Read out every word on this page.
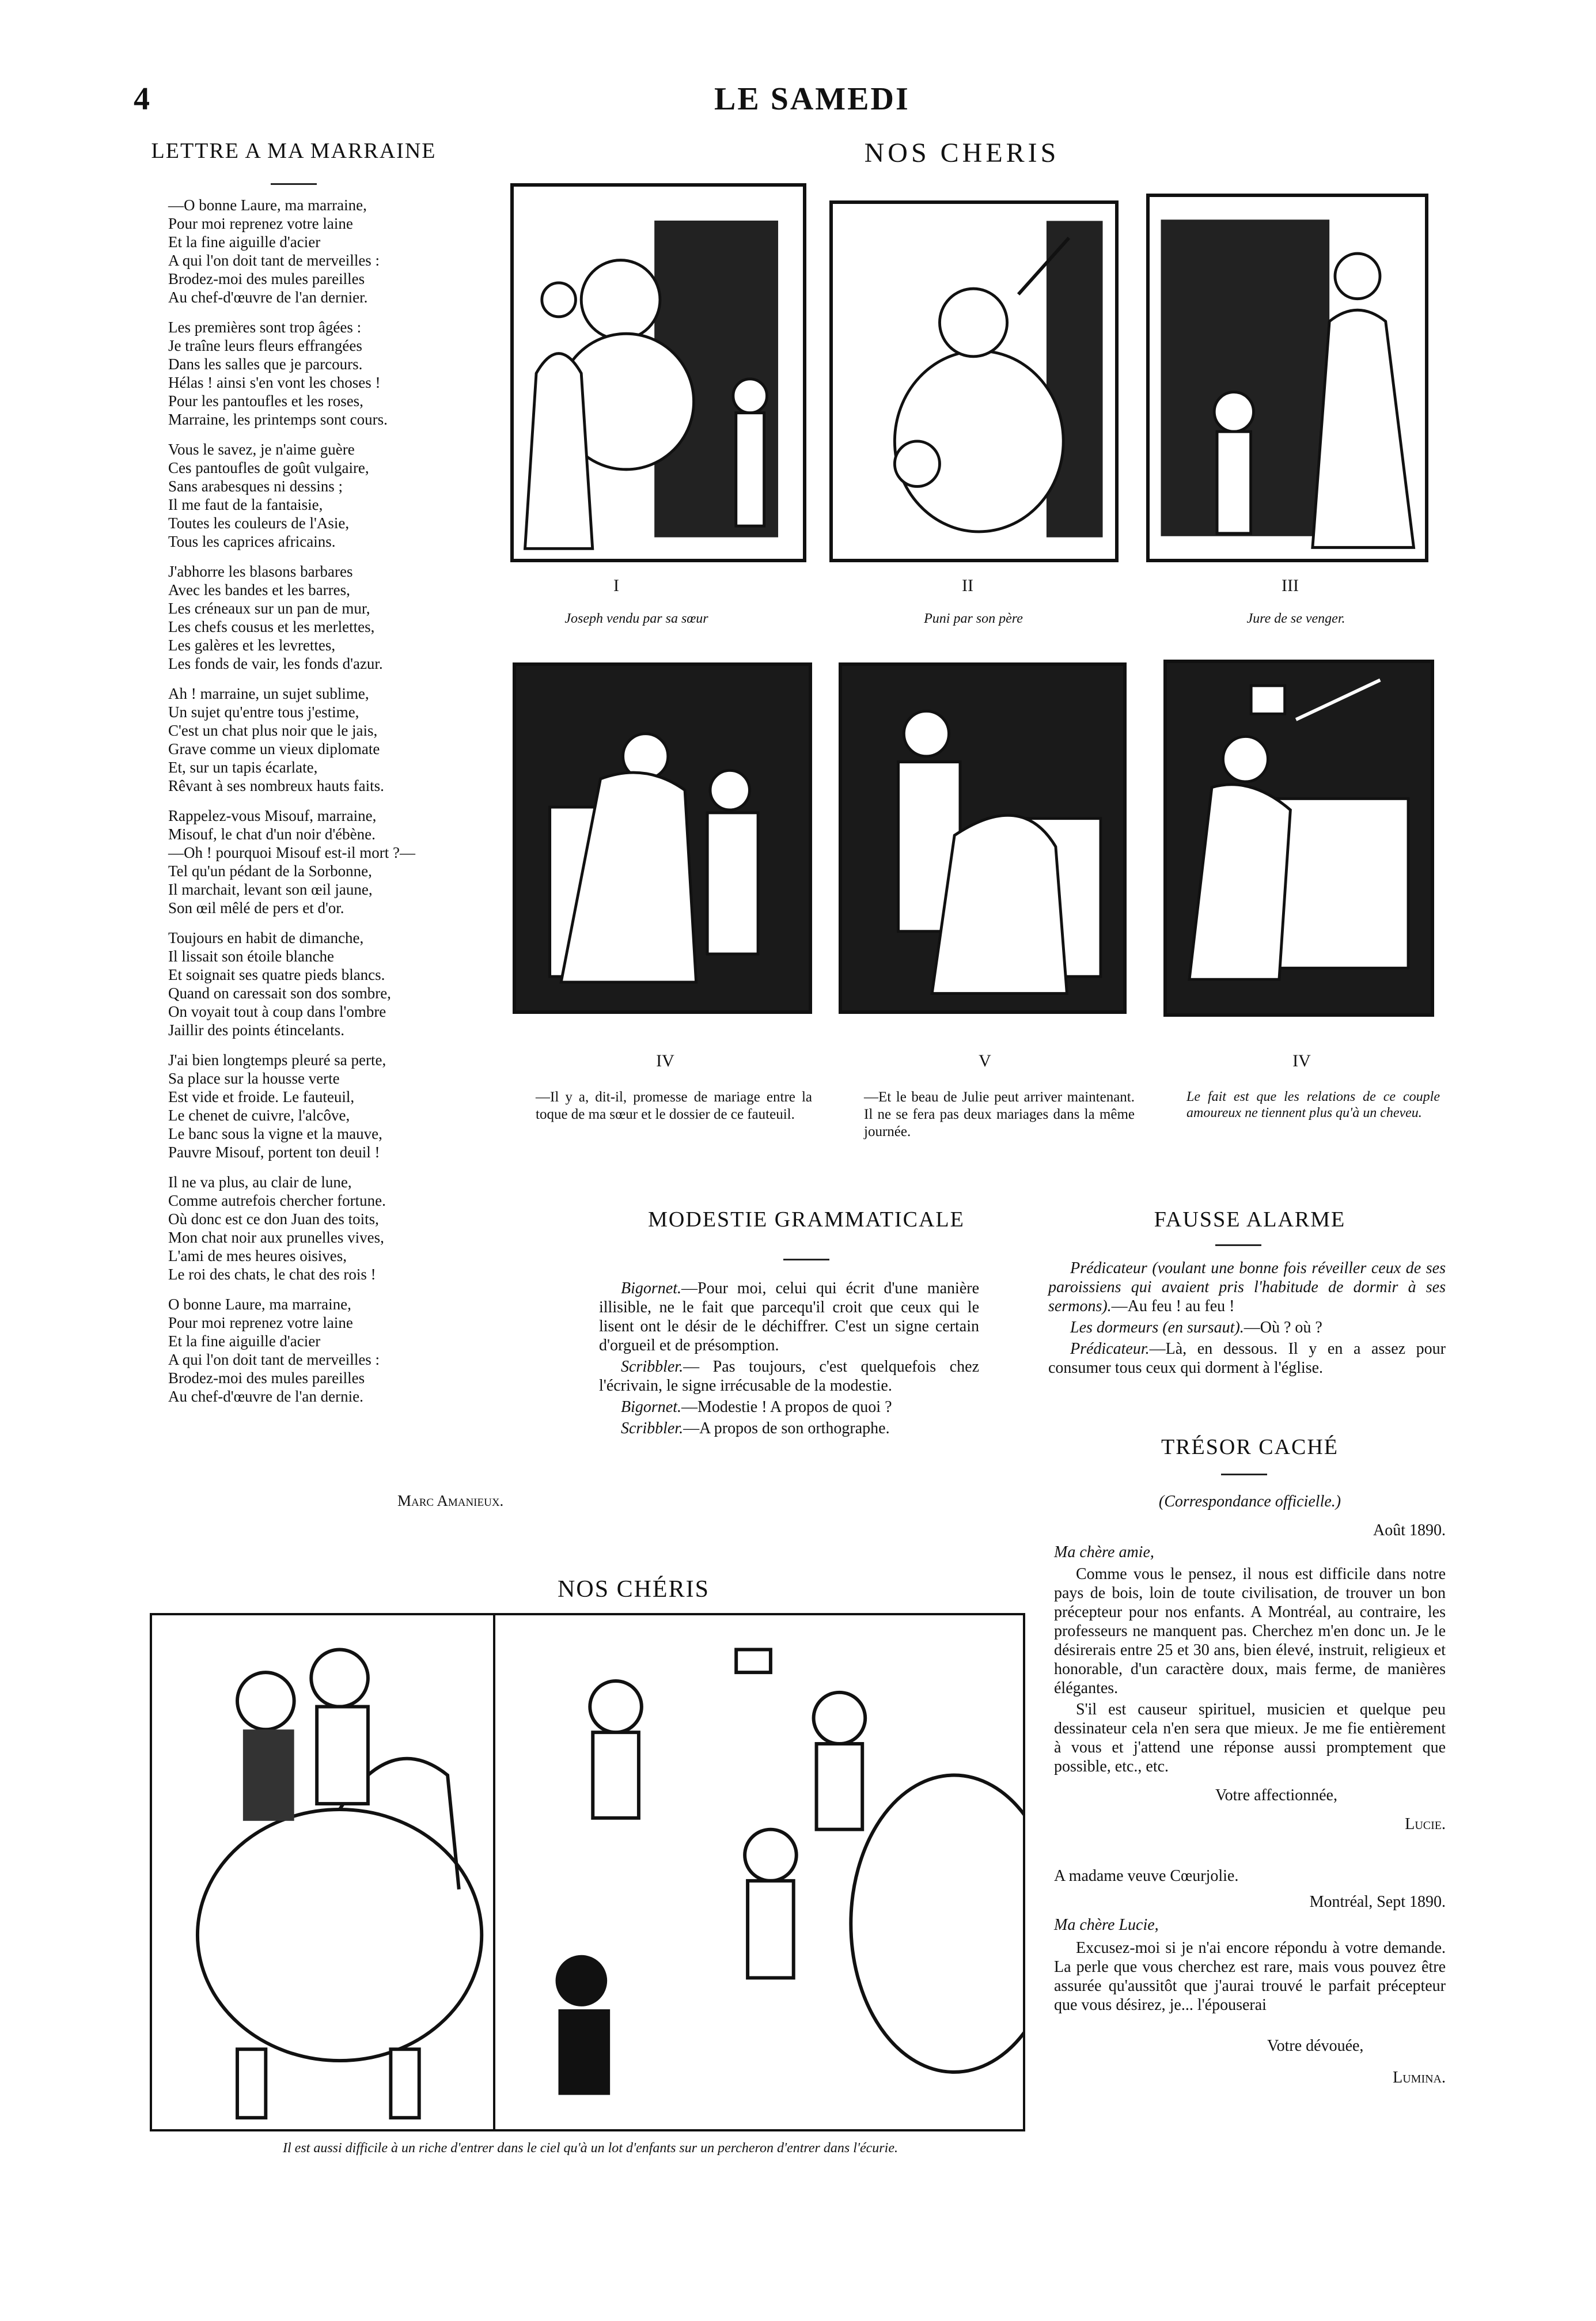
4	LE SAMEDI
LETTRE A MA MARRAINE
—O bonne Laure, ma marraine,
Pour moi reprenez votre laine
Et la fine aiguille d'acier
A qui l'on doit tant de merveilles :
Brodez-moi des mules pareilles
Au chef-d'œuvre de l'an dernier.
Les premières sont trop âgées :
Je traîne leurs fleurs effrangées
Dans les salles que je parcours.
Hélas ! ainsi s'en vont les choses !
Pour les pantoufles et les roses,
Marraine, les printemps sont cours.
Vous le savez, je n'aime guère
Ces pantoufles de goût vulgaire,
Sans arabesques ni dessins ;
Il me faut de la fantaisie,
Toutes les couleurs de l'Asie,
Tous les caprices africains.
J'abhorre les blasons barbares
Avec les bandes et les barres,
Les créneaux sur un pan de mur,
Les chefs cousus et les merlettes,
Les galères et les levrettes,
Les fonds de vair, les fonds d'azur.
Ah ! marraine, un sujet sublime,
Un sujet qu'entre tous j'estime,
C'est un chat plus noir que le jais,
Grave comme un vieux diplomate
Et, sur un tapis écarlate,
Rêvant à ses nombreux hauts faits.
Rappelez-vous Misouf, marraine,
Misouf, le chat d'un noir d'ébène.
—Oh ! pourquoi Misouf est-il mort ?—
Tel qu'un pédant de la Sorbonne,
Il marchait, levant son œil jaune,
Son œil mêlé de pers et d'or.
Toujours en habit de dimanche,
Il lissait son étoile blanche
Et soignait ses quatre pieds blancs.
Quand on caressait son dos sombre,
On voyait tout à coup dans l'ombre
Jaillir des points étincelants.
J'ai bien longtemps pleuré sa perte,
Sa place sur la housse verte
Est vide et froide. Le fauteuil,
Le chenet de cuivre, l'alcôve,
Le banc sous la vigne et la mauve,
Pauvre Misouf, portent ton deuil !
Il ne va plus, au clair de lune,
Comme autrefois chercher fortune.
Où donc est ce don Juan des toits,
Mon chat noir aux prunelles vives,
L'ami de mes heures oisives,
Le roi des chats, le chat des rois !
O bonne Laure, ma marraine,
Pour moi reprenez votre laine
Et la fine aiguille d'acier
A qui l'on doit tant de merveilles :
Brodez-moi des mules pareilles
Au chef-d'œuvre de l'an dernie.
Marc Amanieux.
NOS CHERIS
I	II	III
Joseph vendu par sa sœur	Puni par son père	Jure de se venger.
IV	V	IV
—Il y a, dit-il, promesse de mariage entre la toque de ma sœur et le dossier de ce fauteuil.
—Et le beau de Julie peut arriver maintenant. Il ne se fera pas deux mariages dans la même journée.
Le fait est que les relations de ce couple amoureux ne tiennent plus qu'à un cheveu.
MODESTIE GRAMMATICALE

Bigornet.—Pour moi, celui qui écrit d'une manière illisible, ne le fait que parcequ'il croit que ceux qui le lisent ont le désir de le déchiffrer. C'est un signe certain d'orgueil et de présomption.

Scribbler.— Pas toujours, c'est quelquefois chez l'écrivain, le signe irrécusable de la modestie.

Bigornet.—Modestie ! A propos de quoi ?

Scribbler.—A propos de son orthographe.

FAUSSE ALARME

Prédicateur (voulant une bonne fois réveiller ceux de ses paroissiens qui avaient pris l'habitude de dormir à ses sermons).—Au feu ! au feu !

Les dormeurs (en sursaut).—Où ? où ?

Prédicateur.—Là, en dessous. Il y en a assez pour consumer tous ceux qui dorment à l'église.

TRÉSOR CACHÉ
(Correspondance officielle.)
Août 1890.
Ma chère amie,

Comme vous le pensez, il nous est difficile dans notre pays de bois, loin de toute civilisation, de trouver un bon précepteur pour nos enfants. A Montréal, au contraire, les professeurs ne manquent pas. Cherchez m'en donc un. Je le désirerais entre 25 et 30 ans, bien élevé, instruit, religieux et honorable, d'un caractère doux, mais ferme, de manières élégantes.

S'il est causeur spirituel, musicien et quelque peu dessinateur cela n'en sera que mieux. Je me fie entièrement à vous et j'attend une réponse aussi promptement que possible, etc., etc.

Votre affectionnée,
Lucie.
A madame veuve Cœurjolie.
Montréal, Sept 1890.
Ma chère Lucie,

Excusez-moi si je n'ai encore répondu à votre demande. La perle que vous cherchez est rare, mais vous pouvez être assurée qu'aussitôt que j'aurai trouvé le parfait précepteur que vous désirez, je... l'épouserai

Votre dévouée,
Lumina.
NOS CHÉRIS
Il est aussi difficile à un riche d'entrer dans le ciel qu'à un lot d'enfants sur un percheron d'entrer dans l'écurie.
